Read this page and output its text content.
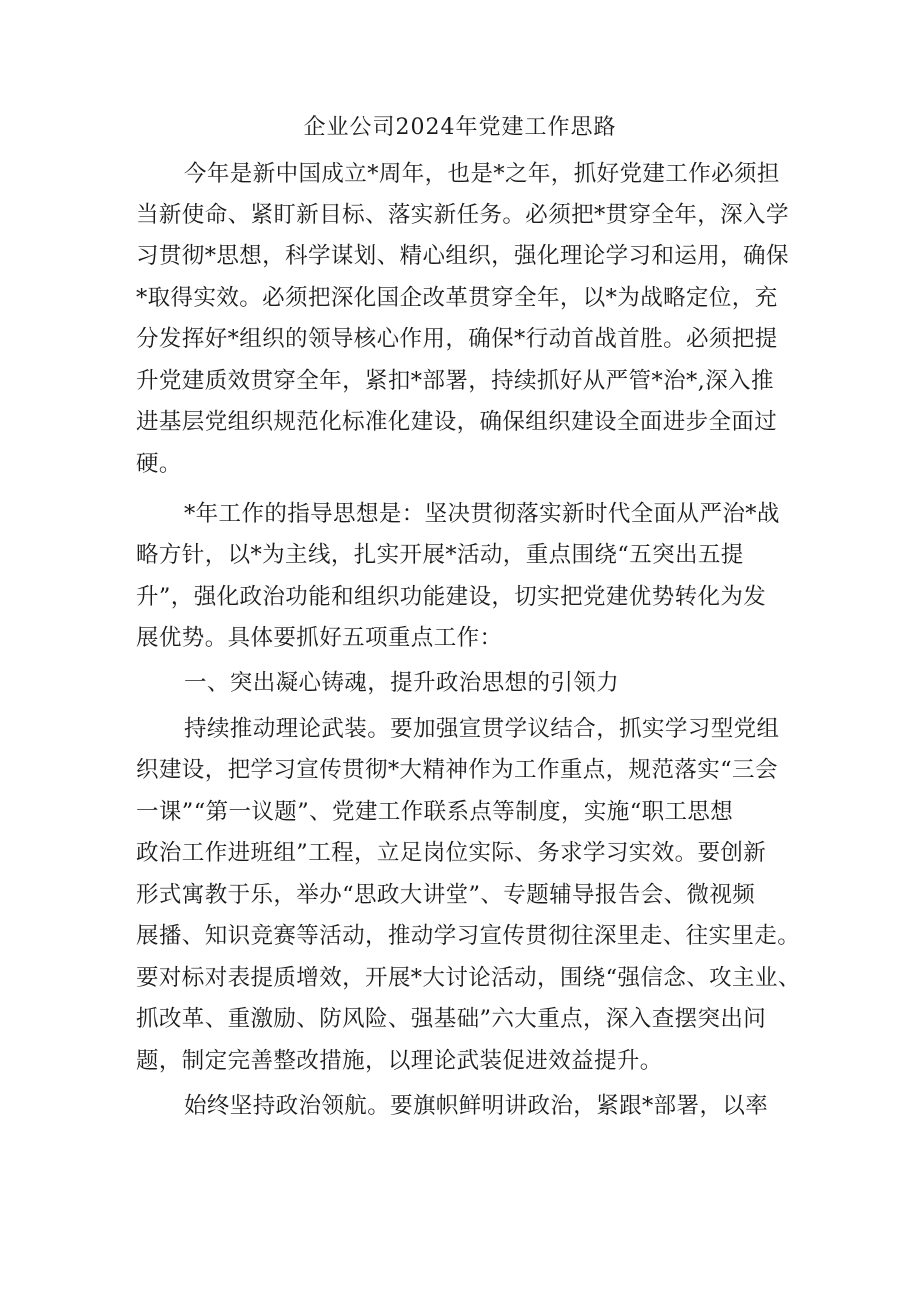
企业公司2024年党建工作思路
今年是新中国成立*周年，也是*之年，抓好党建工作必须担
当新使命、紧盯新目标、落实新任务。必须把*贯穿全年，深入学
习贯彻*思想，科学谋划、精心组织，强化理论学习和运用，确保
*取得实效。必须把深化国企改革贯穿全年，以*为战略定位，充
分发挥好*组织的领导核心作用，确保*行动首战首胜。必须把提
升党建质效贯穿全年，紧扣*部署，持续抓好从严管*治*,深入推
进基层党组织规范化标准化建设，确保组织建设全面进步全面过
硬。
*年工作的指导思想是：坚决贯彻落实新时代全面从严治*战
略方针，以*为主线，扎实开展*活动，重点围绕“五突出五提
升”，强化政治功能和组织功能建设，切实把党建优势转化为发
展优势。具体要抓好五项重点工作：
一、突出凝心铸魂，提升政治思想的引领力
持续推动理论武装。要加强宣贯学议结合，抓实学习型党组
织建设，把学习宣传贯彻*大精神作为工作重点，规范落实“三会
一课”“第一议题”、党建工作联系点等制度，实施“职工思想
政治工作进班组”工程，立足岗位实际、务求学习实效。要创新
形式寓教于乐，举办“思政大讲堂”、专题辅导报告会、微视频
展播、知识竞赛等活动，推动学习宣传贯彻往深里走、往实里走。
要对标对表提质增效，开展*大讨论活动，围绕“强信念、攻主业、
抓改革、重激励、防风险、强基础”六大重点，深入查摆突出问
题，制定完善整改措施，以理论武装促进效益提升。
始终坚持政治领航。要旗帜鲜明讲政治，紧跟*部署，以率
